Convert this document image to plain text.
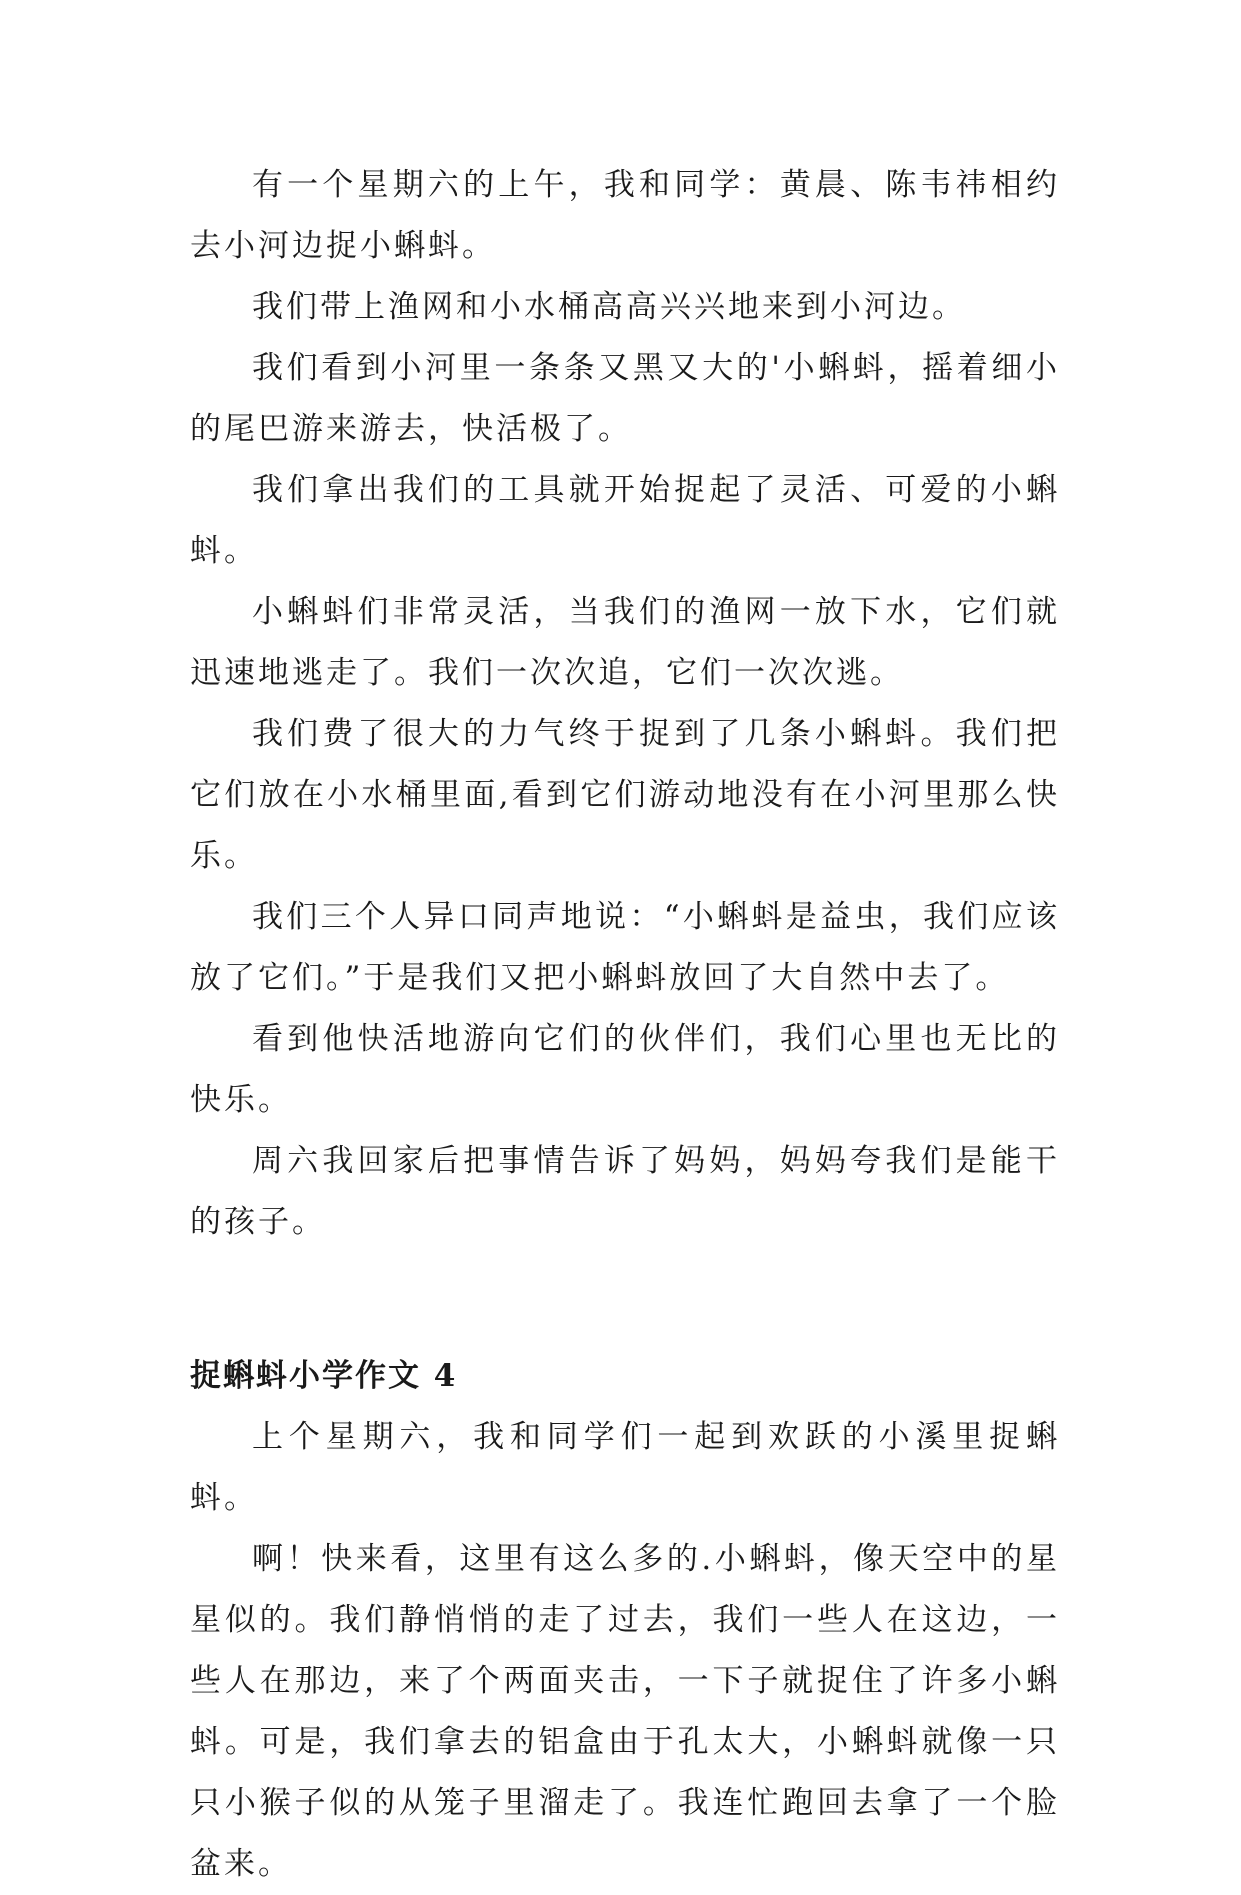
有一个星期六的上午，我和同学：黄晨、陈韦祎相约去小河边捉小蝌蚪。

我们带上渔网和小水桶高高兴兴地来到小河边。

我们看到小河里一条条又黑又大的'小蝌蚪，摇着细小的尾巴游来游去，快活极了。

我们拿出我们的工具就开始捉起了灵活、可爱的小蝌蚪。

小蝌蚪们非常灵活，当我们的渔网一放下水，它们就迅速地逃走了。我们一次次追，它们一次次逃。

我们费了很大的力气终于捉到了几条小蝌蚪。我们把它们放在小水桶里面,看到它们游动地没有在小河里那么快乐。

我们三个人异口同声地说：“小蝌蚪是益虫，我们应该放了它们。”于是我们又把小蝌蚪放回了大自然中去了。

看到他快活地游向它们的伙伴们，我们心里也无比的快乐。

周六我回家后把事情告诉了妈妈，妈妈夸我们是能干的孩子。

捉蝌蚪小学作文 4

上个星期六，我和同学们一起到欢跃的小溪里捉蝌蚪。

啊！快来看，这里有这么多的.小蝌蚪，像天空中的星星似的。我们静悄悄的走了过去，我们一些人在这边，一些人在那边，来了个两面夹击，一下子就捉住了许多小蝌蚪。可是，我们拿去的铝盒由于孔太大，小蝌蚪就像一只只小猴子似的从笼子里溜走了。我连忙跑回去拿了一个脸盆来。
